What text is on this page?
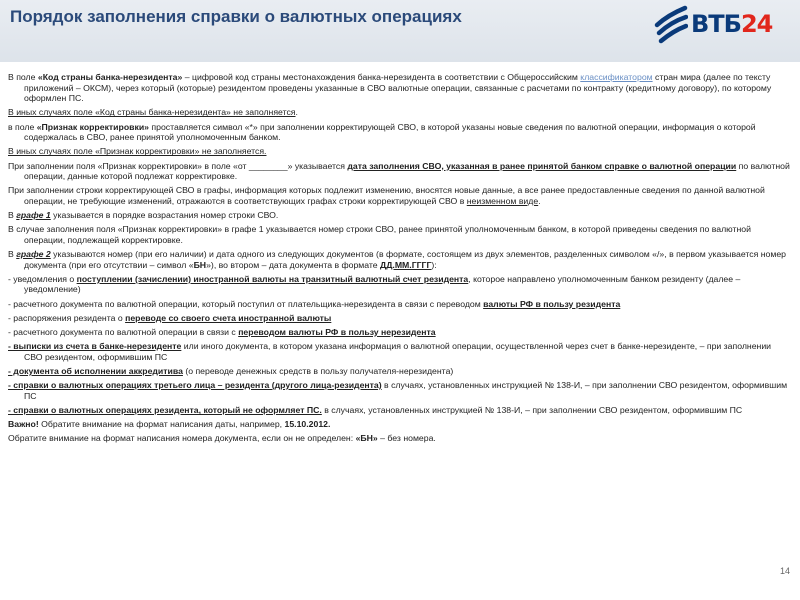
Порядок заполнения справки о валютных операциях	ВТБ24
В поле «Код страны банка-нерезидента» – цифровой код страны местонахождения банка-нерезидента в соответствии с Общероссийским классификатором стран мира (далее по тексту приложений – ОКСМ), через который (которые) резидентом проведены указанные в СВО валютные операции, связанные с расчетами по контракту (кредитному договору), по которому оформлен ПС.
В иных случаях поле «Код страны банка-нерезидента» не заполняется.
в поле «Признак корректировки» проставляется символ «*» при заполнении корректирующей СВО, в которой указаны новые сведения по валютной операции, информация о которой содержалась в СВО, ранее принятой уполномоченным банком.
В иных случаях поле «Признак корректировки» не заполняется.
При заполнении поля «Признак корректировки» в поле «от ________» указывается дата заполнения СВО, указанная в ранее принятой банком справке о валютной операции по валютной операции, данные которой подлежат корректировке.
При заполнении строки корректирующей СВО в графы, информация которых подлежит изменению, вносятся новые данные, а все ранее предоставленные сведения по данной валютной операции, не требующие изменений, отражаются в соответствующих графах строки корректирующей СВО в неизменном виде.
В графе 1 указывается в порядке возрастания номер строки СВО.
В случае заполнения поля «Признак корректировки» в графе 1 указывается номер строки СВО, ранее принятой уполномоченным банком, в которой приведены сведения по валютной операции, подлежащей корректировке.
В графе 2 указываются номер (при его наличии) и дата одного из следующих документов (в формате, состоящем из двух элементов, разделенных символом «/», в первом указывается номер документа (при его отсутствии – символ «БН»), во втором – дата документа в формате ДД.ММ.ГГГГ):
- уведомления о поступлении (зачислении) иностранной валюты на транзитный валютный счет резидента, которое направлено уполномоченным банком резиденту (далее – уведомление)
- расчетного документа по валютной операции, который поступил от плательщика-нерезидента в связи с переводом валюты РФ в пользу резидента
- распоряжения резидента о переводе со своего счета иностранной валюты
- расчетного документа по валютной операции в связи с переводом валюты РФ в пользу нерезидента
- выписки из счета в банке-нерезиденте или иного документа, в котором указана информация о валютной операции, осуществленной через счет в банке-нерезиденте, – при заполнении СВО резидентом, оформившим ПС
- документа об исполнении аккредитива (о переводе денежных средств в пользу получателя-нерезидента)
- справки о валютных операциях третьего лица – резидента (другого лица-резидента) в случаях, установленных инструкцией № 138-И, – при заполнении СВО резидентом, оформившим ПС
- справки о валютных операциях резидента, который не оформляет ПС. в случаях, установленных инструкцией № 138-И, – при заполнении СВО резидентом, оформившим ПС
Важно! Обратите внимание на формат написания даты, например, 15.10.2012.
Обратите внимание на формат написания номера документа, если он не определен: «БН» – без номера.
14
